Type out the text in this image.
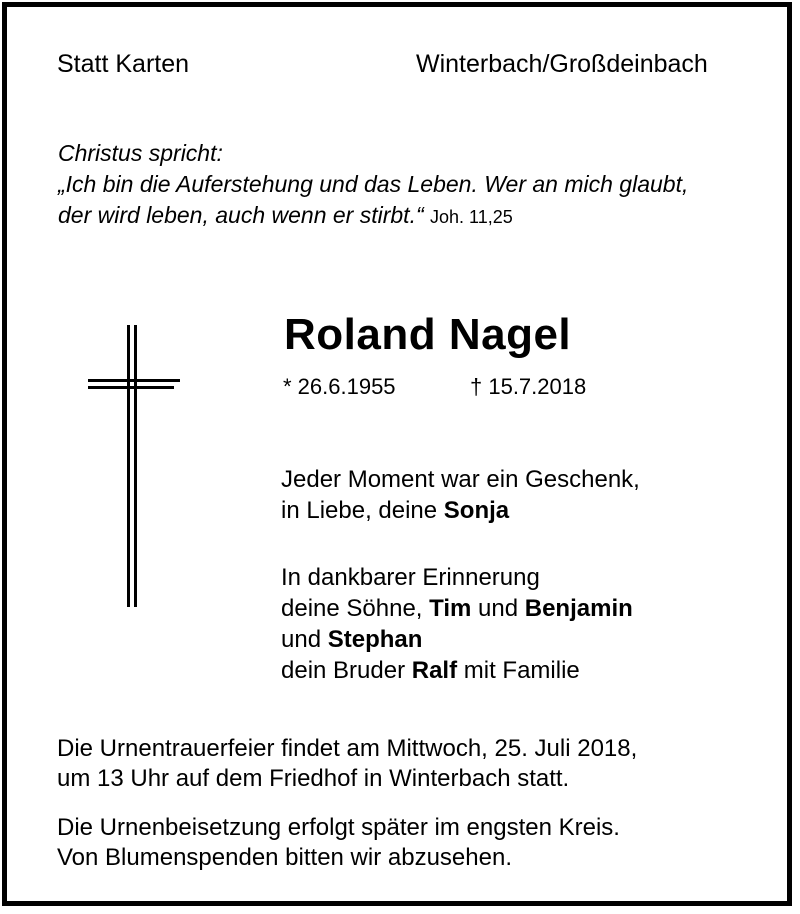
Statt Karten	Winterbach/Großdeinbach

Christus spricht:

„Ich bin die Auferstehung und das Leben. Wer an mich glaubt,

der wird leben, auch wenn er stirbt.“ Joh. 11,25

Roland Nagel

* 26.6.1955	† 15.7.2018

Jeder Moment war ein Geschenk,

in Liebe, deine Sonja

In dankbarer Erinnerung

deine Söhne, Tim und Benjamin

und Stephan

dein Bruder Ralf mit Familie

Die Urnentrauerfeier findet am Mittwoch, 25. Juli 2018,

um 13 Uhr auf dem Friedhof in Winterbach statt.

Die Urnenbeisetzung erfolgt später im engsten Kreis.

Von Blumenspenden bitten wir abzusehen.
